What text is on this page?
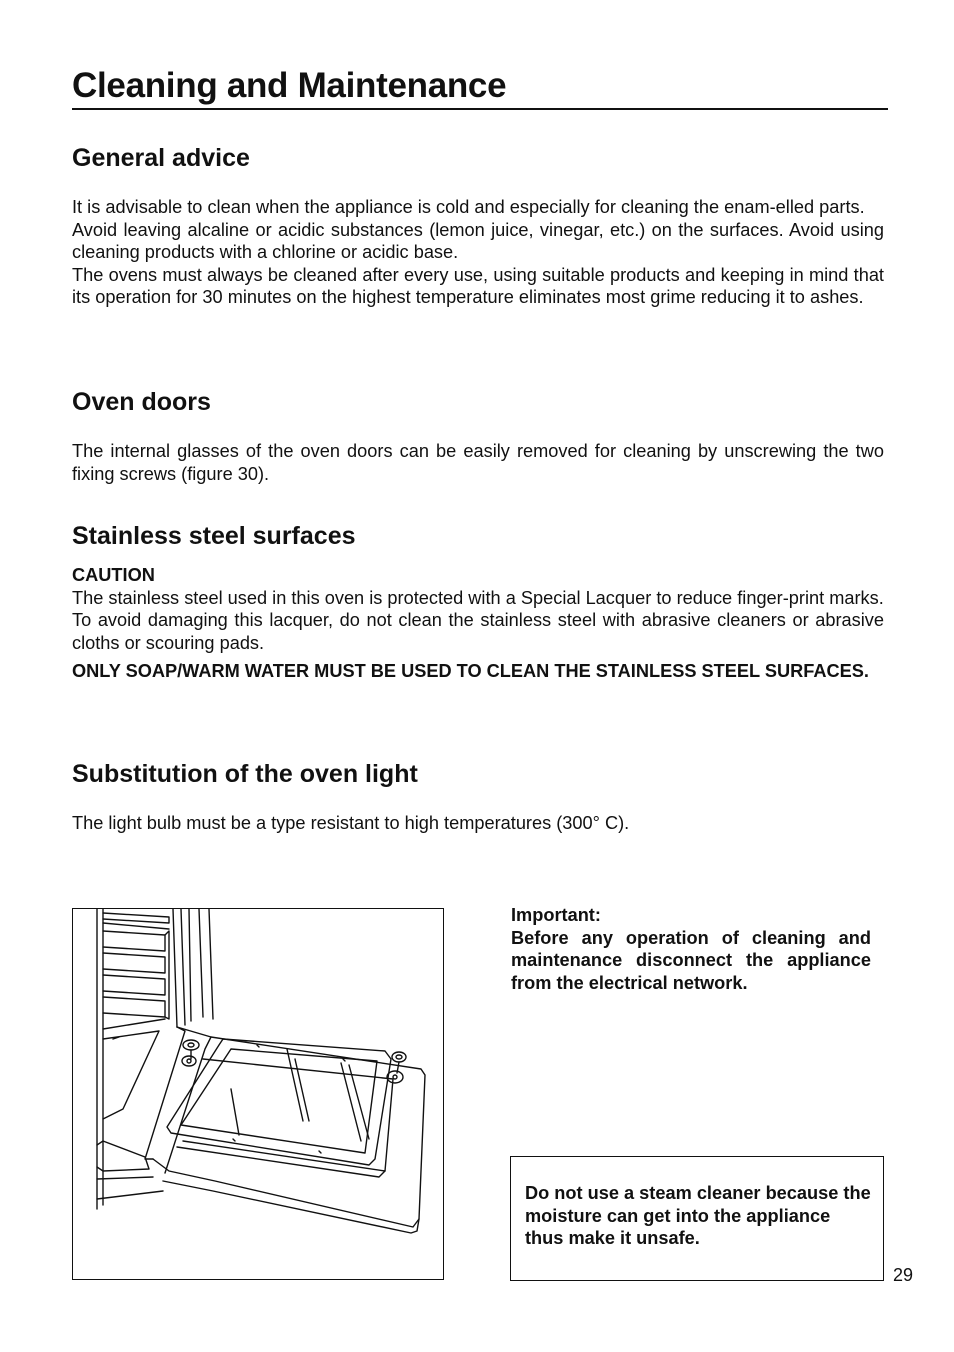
Cleaning and Maintenance
General advice

It is advisable to clean when the appliance is cold and especially for cleaning the enam-elled parts.

Avoid leaving alcaline or acidic substances (lemon juice, vinegar, etc.) on the surfaces. Avoid using cleaning products with a chlorine or acidic base.

The ovens must always be cleaned after every use, using suitable products and keeping in mind that its operation for 30 minutes on the highest temperature eliminates most grime reducing it to ashes.

Oven doors

The internal glasses of the oven doors can be easily removed for cleaning by unscrewing the two fixing screws (figure 30).

Stainless steel surfaces

CAUTION

The stainless steel used in this oven is protected with a Special Lacquer to reduce finger-print marks.

To avoid damaging this lacquer, do not clean the stainless steel with abrasive cleaners or abrasive cloths or scouring pads.

ONLY SOAP/WARM WATER MUST BE USED TO CLEAN THE STAINLESS STEEL SURFACES.

Substitution of the oven light

The light bulb must be a type resistant to high temperatures (300° C).

Important:

Before any operation of cleaning and maintenance disconnect the appliance from the electrical network.

Do not use a steam cleaner because the moisture can get into the appliance thus make it unsafe.
29
